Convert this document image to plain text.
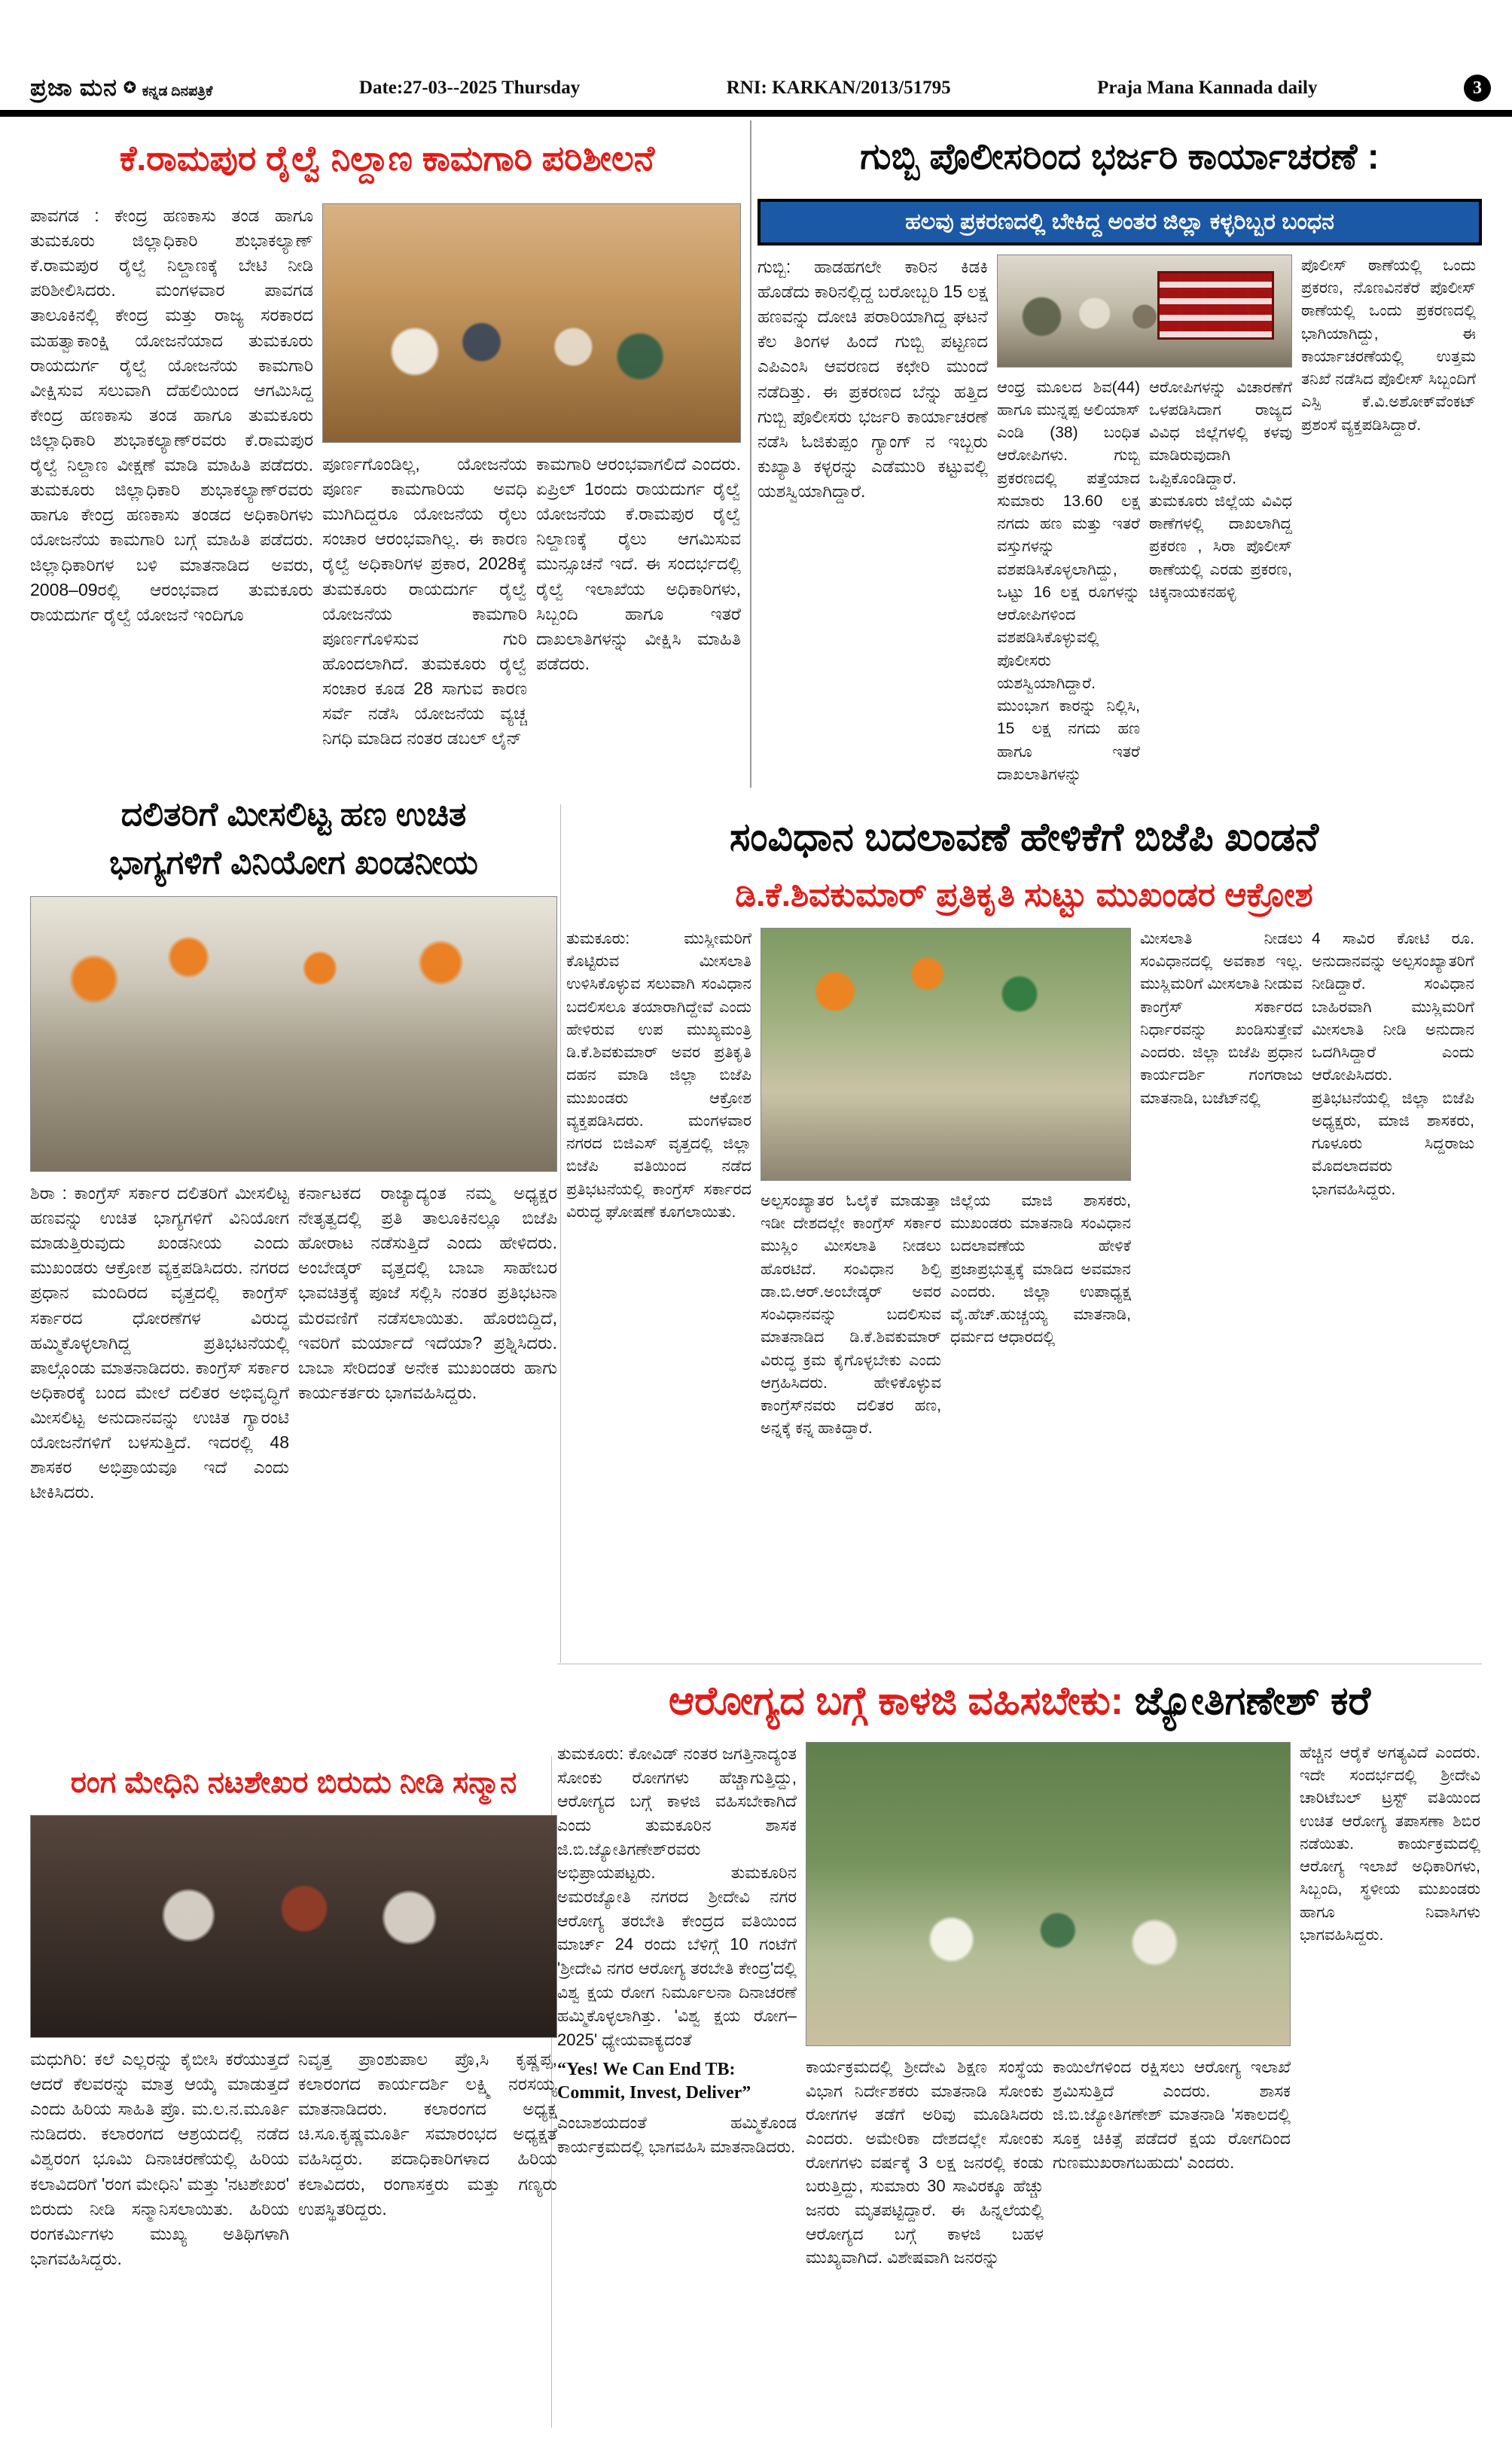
ಪ್ರಜಾ ಮನ ✪ ಕನ್ನಡ ದಿನಪತ್ರಿಕೆ	Date:27-03--2025 Thursday	RNI: KARKAN/2013/51795	Praja Mana Kannada daily	3
ಕೆ.ರಾಮಪುರ ರೈಲ್ವೆ ನಿಲ್ದಾಣ ಕಾಮಗಾರಿ ಪರಿಶೀಲನೆ
ಪಾವಗಡ : ಕೇಂದ್ರ ಹಣಕಾಸು ತಂಡ ಹಾಗೂ ತುಮಕೂರು ಜಿಲ್ಲಾಧಿಕಾರಿ ಶುಭಾಕಲ್ಯಾಣ್ ಕೆ.ರಾಮಪುರ ರೈಲ್ವೆ ನಿಲ್ದಾಣಕ್ಕೆ ಬೇಟಿ ನೀಡಿ ಪರಿಶೀಲಿಸಿದರು. ಮಂಗಳವಾರ ಪಾವಗಡ ತಾಲೂಕಿನಲ್ಲಿ ಕೇಂದ್ರ ಮತ್ತು ರಾಜ್ಯ ಸರಕಾರದ ಮಹತ್ವಾಕಾಂಕ್ಷಿ ಯೋಜನೆಯಾದ ತುಮಕೂರು ರಾಯದುರ್ಗ ರೈಲ್ವೆ ಯೋಜನೆಯ ಕಾಮಗಾರಿ ವೀಕ್ಷಿಸುವ ಸಲುವಾಗಿ ದೆಹಲಿಯಿಂದ ಆಗಮಿಸಿದ್ದ ಕೇಂದ್ರ ಹಣಕಾಸು ತಂಡ ಹಾಗೂ ತುಮಕೂರು ಜಿಲ್ಲಾಧಿಕಾರಿ ಶುಭಾಕಲ್ಯಾಣ್‌ರವರು ಕೆ.ರಾಮಪುರ ರೈಲ್ವೆ ನಿಲ್ದಾಣ ವೀಕ್ಷಣೆ ಮಾಡಿ ಮಾಹಿತಿ ಪಡೆದರು. ತುಮಕೂರು ಜಿಲ್ಲಾಧಿಕಾರಿ ಶುಭಾಕಲ್ಯಾಣ್‌ರವರು ಹಾಗೂ ಕೇಂದ್ರ ಹಣಕಾಸು ತಂಡದ ಅಧಿಕಾರಿಗಳು ಯೋಜನೆಯ ಕಾಮಗಾರಿ ಬಗ್ಗೆ ಮಾಹಿತಿ ಪಡೆದರು. ಜಿಲ್ಲಾಧಿಕಾರಿಗಳ ಬಳಿ ಮಾತನಾಡಿದ ಅವರು, 2008–09ರಲ್ಲಿ ಆರಂಭವಾದ ತುಮಕೂರು ರಾಯದುರ್ಗ ರೈಲ್ವೆ ಯೋಜನೆ ಇಂದಿಗೂ
ಪೂರ್ಣಗೊಂಡಿಲ್ಲ, ಯೋಜನೆಯ ಪೂರ್ಣ ಕಾಮಗಾರಿಯ ಅವಧಿ ಮುಗಿದಿದ್ದರೂ ಯೋಜನೆಯ ರೈಲು ಸಂಚಾರ ಆರಂಭವಾಗಿಲ್ಲ. ಈ ಕಾರಣ ರೈಲ್ವೆ ಅಧಿಕಾರಿಗಳ ಪ್ರಕಾರ, 2028ಕ್ಕೆ ತುಮಕೂರು ರಾಯದುರ್ಗ ರೈಲ್ವೆ ಯೋಜನೆಯ ಕಾಮಗಾರಿ ಪೂರ್ಣಗೊಳಿಸುವ ಗುರಿ ಹೊಂದಲಾಗಿದೆ. ತುಮಕೂರು ರೈಲ್ವೆ ಸಂಚಾರ ಕೂಡ 28 ಸಾಗುವ ಕಾರಣ ಸರ್ವೆ ನಡೆಸಿ ಯೋಜನೆಯ ವ್ಯಚ್ಚ ನಿಗಧಿ ಮಾಡಿದ ನಂತರ ಡಬಲ್ ಲೈನ್
ಕಾಮಗಾರಿ ಆರಂಭವಾಗಲಿದೆ ಎಂದರು. ಏಪ್ರಿಲ್ 1ರಂದು ರಾಯದುರ್ಗ ರೈಲ್ವೆ ಯೋಜನೆಯ ಕೆ.ರಾಮಪುರ ರೈಲ್ವೆ ನಿಲ್ದಾಣಕ್ಕೆ ರೈಲು ಆಗಮಿಸುವ ಮುನ್ಸೂಚನೆ ಇದೆ. ಈ ಸಂದರ್ಭದಲ್ಲಿ ರೈಲ್ವೆ ಇಲಾಖೆಯ ಅಧಿಕಾರಿಗಳು, ಸಿಬ್ಬಂದಿ ಹಾಗೂ ಇತರೆ ದಾಖಲಾತಿಗಳನ್ನು ವೀಕ್ಷಿಸಿ ಮಾಹಿತಿ ಪಡೆದರು.
ಗುಬ್ಬಿ ಪೊಲೀಸರಿಂದ ಭರ್ಜರಿ ಕಾರ್ಯಾಚರಣೆ :
ಹಲವು ಪ್ರಕರಣದಲ್ಲಿ ಬೇಕಿದ್ದ ಅಂತರ ಜಿಲ್ಲಾ ಕಳ್ಳರಿಬ್ಬರ ಬಂಧನ
ಗುಬ್ಬಿ: ಹಾಡಹಗಲೇ ಕಾರಿನ ಕಿಡಕಿ ಹೊಡೆದು ಕಾರಿನಲ್ಲಿದ್ದ ಬರೋಬ್ಬರಿ 15 ಲಕ್ಷ ಹಣವನ್ನು ದೋಚಿ ಪರಾರಿಯಾಗಿದ್ದ ಘಟನೆ ಕೆಲ ತಿಂಗಳ ಹಿಂದೆ ಗುಬ್ಬಿ ಪಟ್ಟಣದ ಎಪಿಎಂಸಿ ಆವರಣದ ಕಛೇರಿ ಮುಂದೆ ನಡೆದಿತ್ತು. ಈ ಪ್ರಕರಣದ ಬೆನ್ನು ಹತ್ತಿದ ಗುಬ್ಬಿ ಪೊಲೀಸರು ಭರ್ಜರಿ ಕಾರ್ಯಾಚರಣೆ ನಡೆಸಿ ಓಜಿಕುಪ್ಪಂ ಗ್ಯಾಂಗ್ ನ ಇಬ್ಬರು ಕುಖ್ಯಾತಿ ಕಳ್ಳರನ್ನು ಎಡೆಮುರಿ ಕಟ್ಟುವಲ್ಲಿ ಯಶಸ್ವಿಯಾಗಿದ್ದಾರೆ.
ಆಂಧ್ರ ಮೂಲದ ಶಿವ(44) ಹಾಗೂ ಮುನ್ನಪ್ಪ ಅಲಿಯಾಸ್ ಎಂಡಿ (38) ಬಂಧಿತ ಆರೋಪಿಗಳು. ಗುಬ್ಬಿ ಪ್ರಕರಣದಲ್ಲಿ ಪತ್ತೆಯಾದ ಸುಮಾರು 13.60 ಲಕ್ಷ ನಗದು ಹಣ ಮತ್ತು ಇತರೆ ವಸ್ತುಗಳನ್ನು ವಶಪಡಿಸಿಕೊಳ್ಳಲಾಗಿದ್ದು, ಒಟ್ಟು 16 ಲಕ್ಷ ರೂಗಳನ್ನು ಆರೋಪಿಗಳಿಂದ ವಶಪಡಿಸಿಕೊಳ್ಳುವಲ್ಲಿ ಪೊಲೀಸರು ಯಶಸ್ವಿಯಾಗಿದ್ದಾರೆ. ಮುಂಭಾಗ ಕಾರನ್ನು ನಿಲ್ಲಿಸಿ, 15 ಲಕ್ಷ ನಗದು ಹಣ ಹಾಗೂ ಇತರೆ ದಾಖಲಾತಿಗಳನ್ನು
ಆರೋಪಿಗಳನ್ನು ವಿಚಾರಣೆಗೆ ಒಳಪಡಿಸಿದಾಗ ರಾಜ್ಯದ ವಿವಿಧ ಜಿಲ್ಲೆಗಳಲ್ಲಿ ಕಳವು ಮಾಡಿರುವುದಾಗಿ ಒಪ್ಪಿಕೊಂಡಿದ್ದಾರೆ. ತುಮಕೂರು ಜಿಲ್ಲೆಯ ವಿವಿಧ ಠಾಣೆಗಳಲ್ಲಿ ದಾಖಲಾಗಿದ್ದ ಪ್ರಕರಣ , ಸಿರಾ ಪೊಲೀಸ್ ಠಾಣೆಯಲ್ಲಿ ಎರಡು ಪ್ರಕರಣ, ಚಿಕ್ಕನಾಯಕನಹಳ್ಳಿ
ಪೊಲೀಸ್ ಠಾಣೆಯಲ್ಲಿ ಒಂದು ಪ್ರಕರಣ, ನೊಣವಿನಕೆರೆ ಪೊಲೀಸ್ ಠಾಣೆಯಲ್ಲಿ ಒಂದು ಪ್ರಕರಣದಲ್ಲಿ ಭಾಗಿಯಾಗಿದ್ದು, ಈ ಕಾರ್ಯಾಚರಣೆಯಲ್ಲಿ ಉತ್ತಮ ತನಿಖೆ ನಡೆಸಿದ ಪೊಲೀಸ್ ಸಿಬ್ಬಂದಿಗೆ ಎಸ್ಪಿ ಕೆ.ವಿ.ಅಶೋಕ್‌ವೆಂಕಟ್ ಪ್ರಶಂಸೆ ವ್ಯಕ್ತಪಡಿಸಿದ್ದಾರೆ.
ದಲಿತರಿಗೆ ಮೀಸಲಿಟ್ಟ ಹಣ ಉಚಿತ
ಭಾಗ್ಯಗಳಿಗೆ ವಿನಿಯೋಗ ಖಂಡನೀಯ
ಶಿರಾ : ಕಾಂಗ್ರೆಸ್ ಸರ್ಕಾರ ದಲಿತರಿಗೆ ಮೀಸಲಿಟ್ಟ ಹಣವನ್ನು ಉಚಿತ ಭಾಗ್ಯಗಳಿಗೆ ವಿನಿಯೋಗ ಮಾಡುತ್ತಿರುವುದು ಖಂಡನೀಯ ಎಂದು ಮುಖಂಡರು ಆಕ್ರೋಶ ವ್ಯಕ್ತಪಡಿಸಿದರು. ನಗರದ ಪ್ರಧಾನ ಮಂದಿರದ ವೃತ್ತದಲ್ಲಿ ಕಾಂಗ್ರೆಸ್ ಸರ್ಕಾರದ ಧೋರಣೆಗಳ ವಿರುದ್ಧ ಹಮ್ಮಿಕೊಳ್ಳಲಾಗಿದ್ದ ಪ್ರತಿಭಟನೆಯಲ್ಲಿ ಪಾಲ್ಗೊಂಡು ಮಾತನಾಡಿದರು. ಕಾಂಗ್ರೆಸ್ ಸರ್ಕಾರ ಅಧಿಕಾರಕ್ಕೆ ಬಂದ ಮೇಲೆ ದಲಿತರ ಅಭಿವೃದ್ಧಿಗೆ ಮೀಸಲಿಟ್ಟ ಅನುದಾನವನ್ನು ಉಚಿತ ಗ್ಯಾರಂಟಿ ಯೋಜನೆಗಳಿಗೆ ಬಳಸುತ್ತಿದೆ. ಇದರಲ್ಲಿ 48 ಶಾಸಕರ ಅಭಿಪ್ರಾಯವೂ ಇದೆ ಎಂದು ಟೀಕಿಸಿದರು.
ಕರ್ನಾಟಕದ ರಾಜ್ಯಾದ್ಯಂತ ನಮ್ಮ ಅಧ್ಯಕ್ಷರ ನೇತೃತ್ವದಲ್ಲಿ ಪ್ರತಿ ತಾಲೂಕಿನಲ್ಲೂ ಬಿಜೆಪಿ ಹೋರಾಟ ನಡೆಸುತ್ತಿದೆ ಎಂದು ಹೇಳಿದರು. ಅಂಬೇಡ್ಕರ್ ವೃತ್ತದಲ್ಲಿ ಬಾಬಾ ಸಾಹೇಬರ ಭಾವಚಿತ್ರಕ್ಕೆ ಪೂಜೆ ಸಲ್ಲಿಸಿ ನಂತರ ಪ್ರತಿಭಟನಾ ಮೆರವಣಿಗೆ ನಡೆಸಲಾಯಿತು. ಹೊರಬಿದ್ದಿದೆ, ಇವರಿಗೆ ಮರ್ಯಾದೆ ಇದೆಯಾ? ಪ್ರಶ್ನಿಸಿದರು. ಬಾಬಾ ಸೇರಿದಂತೆ ಅನೇಕ ಮುಖಂಡರು ಹಾಗು ಕಾರ್ಯಕರ್ತರು ಭಾಗವಹಿಸಿದ್ದರು.
ಸಂವಿಧಾನ ಬದಲಾವಣೆ ಹೇಳಿಕೆಗೆ ಬಿಜೆಪಿ ಖಂಡನೆ
ಡಿ.ಕೆ.ಶಿವಕುಮಾರ್ ಪ್ರತಿಕೃತಿ ಸುಟ್ಟು ಮುಖಂಡರ ಆಕ್ರೋಶ
ತುಮಕೂರು: ಮುಸ್ಲೀಮರಿಗೆ ಕೊಟ್ಟಿರುವ ಮೀಸಲಾತಿ ಉಳಿಸಿಕೊಳ್ಳುವ ಸಲುವಾಗಿ ಸಂವಿಧಾನ ಬದಲಿಸಲೂ ತಯಾರಾಗಿದ್ದೇವೆ ಎಂದು ಹೇಳಿರುವ ಉಪ ಮುಖ್ಯಮಂತ್ರಿ ಡಿ.ಕೆ.ಶಿವಕುಮಾರ್ ಅವರ ಪ್ರತಿಕೃತಿ ದಹನ ಮಾಡಿ ಜಿಲ್ಲಾ ಬಿಜೆಪಿ ಮುಖಂಡರು ಆಕ್ರೋಶ ವ್ಯಕ್ತಪಡಿಸಿದರು. ಮಂಗಳವಾರ ನಗರದ ಬಿಜಿಎಸ್ ವೃತ್ತದಲ್ಲಿ ಜಿಲ್ಲಾ ಬಿಜೆಪಿ ವತಿಯಿಂದ ನಡೆದ ಪ್ರತಿಭಟನೆಯಲ್ಲಿ ಕಾಂಗ್ರೆಸ್ ಸರ್ಕಾರದ ವಿರುದ್ಧ ಘೋಷಣೆ ಕೂಗಲಾಯಿತು.
ಅಲ್ಪಸಂಖ್ಯಾತರ ಓಲೈಕೆ ಮಾಡುತ್ತಾ ಇಡೀ ದೇಶದಲ್ಲೇ ಕಾಂಗ್ರೆಸ್ ಸರ್ಕಾರ ಮುಸ್ಲಿಂ ಮೀಸಲಾತಿ ನೀಡಲು ಹೊರಟಿದೆ. ಸಂವಿಧಾನ ಶಿಲ್ಪಿ ಡಾ.ಬಿ.ಆರ್.ಅಂಬೇಡ್ಕರ್ ಅವರ ಸಂವಿಧಾನವನ್ನು ಬದಲಿಸುವ ಮಾತನಾಡಿದ ಡಿ.ಕೆ.ಶಿವಕುಮಾರ್ ವಿರುದ್ಧ ಕ್ರಮ ಕೈಗೊಳ್ಳಬೇಕು ಎಂದು ಆಗ್ರಹಿಸಿದರು. ಹೇಳಿಕೊಳ್ಳುವ ಕಾಂಗ್ರೆಸ್‌ನವರು ದಲಿತರ ಹಣ, ಅನ್ನಕ್ಕೆ ಕನ್ನ ಹಾಕಿದ್ದಾರೆ.
ಜಿಲ್ಲೆಯ ಮಾಜಿ ಶಾಸಕರು, ಮುಖಂಡರು ಮಾತನಾಡಿ ಸಂವಿಧಾನ ಬದಲಾವಣೆಯ ಹೇಳಿಕೆ ಪ್ರಜಾಪ್ರಭುತ್ವಕ್ಕೆ ಮಾಡಿದ ಅವಮಾನ ಎಂದರು. ಜಿಲ್ಲಾ ಉಪಾಧ್ಯಕ್ಷ ವೈ.ಹೆಚ್.ಹುಚ್ಚಯ್ಯ ಮಾತನಾಡಿ, ಧರ್ಮದ ಆಧಾರದಲ್ಲಿ
ಮೀಸಲಾತಿ ನೀಡಲು ಸಂವಿಧಾನದಲ್ಲಿ ಅವಕಾಶ ಇಲ್ಲ. ಮುಸ್ಲಿಮರಿಗೆ ಮೀಸಲಾತಿ ನೀಡುವ ಕಾಂಗ್ರೆಸ್ ಸರ್ಕಾರದ ನಿರ್ಧಾರವನ್ನು ಖಂಡಿಸುತ್ತೇವೆ ಎಂದರು. ಜಿಲ್ಲಾ ಬಿಜೆಪಿ ಪ್ರಧಾನ ಕಾರ್ಯದರ್ಶಿ ಗಂಗರಾಜು ಮಾತನಾಡಿ, ಬಜೆಟ್‌ನಲ್ಲಿ
4 ಸಾವಿರ ಕೋಟಿ ರೂ. ಅನುದಾನವನ್ನು ಅಲ್ಪಸಂಖ್ಯಾತರಿಗೆ ನೀಡಿದ್ದಾರೆ. ಸಂವಿಧಾನ ಬಾಹಿರವಾಗಿ ಮುಸ್ಲಿಮರಿಗೆ ಮೀಸಲಾತಿ ನೀಡಿ ಅನುದಾನ ಒದಗಿಸಿದ್ದಾರೆ ಎಂದು ಆರೋಪಿಸಿದರು. ಪ್ರತಿಭಟನೆಯಲ್ಲಿ ಜಿಲ್ಲಾ ಬಿಜೆಪಿ ಅಧ್ಯಕ್ಷರು, ಮಾಜಿ ಶಾಸಕರು, ಗೂಳೂರು ಸಿದ್ದರಾಜು ಮೊದಲಾದವರು ಭಾಗವಹಿಸಿದ್ದರು.
ಆರೋಗ್ಯದ ಬಗ್ಗೆ ಕಾಳಜಿ ವಹಿಸಬೇಕು: ಜ್ಯೋತಿಗಣೇಶ್ ಕರೆ
ತುಮಕೂರು: ಕೋವಿಡ್ ನಂತರ ಜಗತ್ತಿನಾದ್ಯಂತ ಸೋಂಕು ರೋಗಗಳು ಹೆಚ್ಚಾಗುತ್ತಿದ್ದು, ಆರೋಗ್ಯದ ಬಗ್ಗೆ ಕಾಳಜಿ ವಹಿಸಬೇಕಾಗಿದೆ ಎಂದು ತುಮಕೂರಿನ ಶಾಸಕ ಜಿ.ಬಿ.ಜ್ಯೋತಿಗಣೇಶ್‌ರವರು ಅಭಿಪ್ರಾಯಪಟ್ಟರು. ತುಮಕೂರಿನ ಅಮರಜ್ಯೋತಿ ನಗರದ ಶ್ರೀದೇವಿ ನಗರ ಆರೋಗ್ಯ ತರಬೇತಿ ಕೇಂದ್ರದ ವತಿಯಿಂದ ಮಾರ್ಚ್ 24 ರಂದು ಬೆಳಿಗ್ಗೆ 10 ಗಂಟೆಗೆ 'ಶ್ರೀದೇವಿ ನಗರ ಆರೋಗ್ಯ ತರಬೇತಿ ಕೇಂದ್ರ'ದಲ್ಲಿ ವಿಶ್ವ ಕ್ಷಯ ರೋಗ ನಿರ್ಮೂಲನಾ ದಿನಾಚರಣೆ ಹಮ್ಮಿಕೊಳ್ಳಲಾಗಿತ್ತು. 'ವಿಶ್ವ ಕ್ಷಯ ರೋಗ–2025' ಧ್ಯೇಯವಾಕ್ಯದಂತೆ
“Yes! We Can End TB: Commit, Invest, Deliver”
ಎಂಬಾಶಯದಂತೆ ಹಮ್ಮಿಕೊಂಡ ಕಾರ್ಯಕ್ರಮದಲ್ಲಿ ಭಾಗವಹಿಸಿ ಮಾತನಾಡಿದರು.
ಕಾರ್ಯಕ್ರಮದಲ್ಲಿ ಶ್ರೀದೇವಿ ಶಿಕ್ಷಣ ಸಂಸ್ಥೆಯ ವಿಭಾಗ ನಿರ್ದೇಶಕರು ಮಾತನಾಡಿ ಸೋಂಕು ರೋಗಗಳ ತಡೆಗೆ ಅರಿವು ಮೂಡಿಸಿದರು ಎಂದರು. ಅಮೇರಿಕಾ ದೇಶದಲ್ಲೇ ಸೋಂಕು ರೋಗಗಳು ವರ್ಷಕ್ಕೆ 3 ಲಕ್ಷ ಜನರಲ್ಲಿ ಕಂಡು ಬರುತ್ತಿದ್ದು, ಸುಮಾರು 30 ಸಾವಿರಕ್ಕೂ ಹೆಚ್ಚು ಜನರು ಮೃತಪಟ್ಟಿದ್ದಾರೆ. ಈ ಹಿನ್ನಲೆಯಲ್ಲಿ ಆರೋಗ್ಯದ ಬಗ್ಗೆ ಕಾಳಜಿ ಬಹಳ ಮುಖ್ಯವಾಗಿದೆ. ವಿಶೇಷವಾಗಿ ಜನರನ್ನು
ಕಾಯಿಲೆಗಳಿಂದ ರಕ್ಷಿಸಲು ಆರೋಗ್ಯ ಇಲಾಖೆ ಶ್ರಮಿಸುತ್ತಿದೆ ಎಂದರು. ಶಾಸಕ ಜಿ.ಬಿ.ಜ್ಯೋತಿಗಣೇಶ್ ಮಾತನಾಡಿ 'ಸಕಾಲದಲ್ಲಿ ಸೂಕ್ತ ಚಿಕಿತ್ಸೆ ಪಡೆದರೆ ಕ್ಷಯ ರೋಗದಿಂದ ಗುಣಮುಖರಾಗಬಹುದು' ಎಂದರು.
ಹೆಚ್ಚಿನ ಆರೈಕೆ ಅಗತ್ಯವಿದೆ ಎಂದರು. ಇದೇ ಸಂದರ್ಭದಲ್ಲಿ ಶ್ರೀದೇವಿ ಚಾರಿಟೆಬಲ್ ಟ್ರಸ್ಟ್ ವತಿಯಿಂದ ಉಚಿತ ಆರೋಗ್ಯ ತಪಾಸಣಾ ಶಿಬಿರ ನಡೆಯಿತು. ಕಾರ್ಯಕ್ರಮದಲ್ಲಿ ಆರೋಗ್ಯ ಇಲಾಖೆ ಅಧಿಕಾರಿಗಳು, ಸಿಬ್ಬಂದಿ, ಸ್ಥಳೀಯ ಮುಖಂಡರು ಹಾಗೂ ನಿವಾಸಿಗಳು ಭಾಗವಹಿಸಿದ್ದರು.
ರಂಗ ಮೇಧಿನಿ ನಟಶೇಖರ ಬಿರುದು ನೀಡಿ ಸನ್ಮಾನ
ಮಧುಗಿರಿ: ಕಲೆ ಎಲ್ಲರನ್ನು ಕೈಬೀಸಿ ಕರೆಯುತ್ತದೆ ಆದರೆ ಕೆಲವರನ್ನು ಮಾತ್ರ ಆಯ್ಕೆ ಮಾಡುತ್ತದೆ ಎಂದು ಹಿರಿಯ ಸಾಹಿತಿ ಪ್ರೊ. ಮ.ಲ.ನ.ಮೂರ್ತಿ ನುಡಿದರು. ಕಲಾರಂಗದ ಆಶ್ರಯದಲ್ಲಿ ನಡೆದ ವಿಶ್ವರಂಗ ಭೂಮಿ ದಿನಾಚರಣೆಯಲ್ಲಿ ಹಿರಿಯ ಕಲಾವಿದರಿಗೆ 'ರಂಗ ಮೇಧಿನಿ' ಮತ್ತು 'ನಟಶೇಖರ' ಬಿರುದು ನೀಡಿ ಸನ್ಮಾನಿಸಲಾಯಿತು. ಹಿರಿಯ ರಂಗಕರ್ಮಿಗಳು ಮುಖ್ಯ ಅತಿಥಿಗಳಾಗಿ ಭಾಗವಹಿಸಿದ್ದರು.
ನಿವೃತ್ತ ಪ್ರಾಂಶುಪಾಲ ಪ್ರೊ,ಸಿ ಕೃಷ್ಣಪ್ಪ, ಕಲಾರಂಗದ ಕಾರ್ಯದರ್ಶಿ ಲಕ್ಷ್ಮಿ ನರಸಯ್ಯ ಮಾತನಾಡಿದರು. ಕಲಾರಂಗದ ಅಧ್ಯಕ್ಷ ಚಿ.ಸೂ.ಕೃಷ್ಣಮೂರ್ತಿ ಸಮಾರಂಭದ ಅಧ್ಯಕ್ಷತೆ ವಹಿಸಿದ್ದರು. ಪದಾಧಿಕಾರಿಗಳಾದ ಹಿರಿಯ ಕಲಾವಿದರು, ರಂಗಾಸಕ್ತರು ಮತ್ತು ಗಣ್ಯರು ಉಪಸ್ಥಿತರಿದ್ದರು.
